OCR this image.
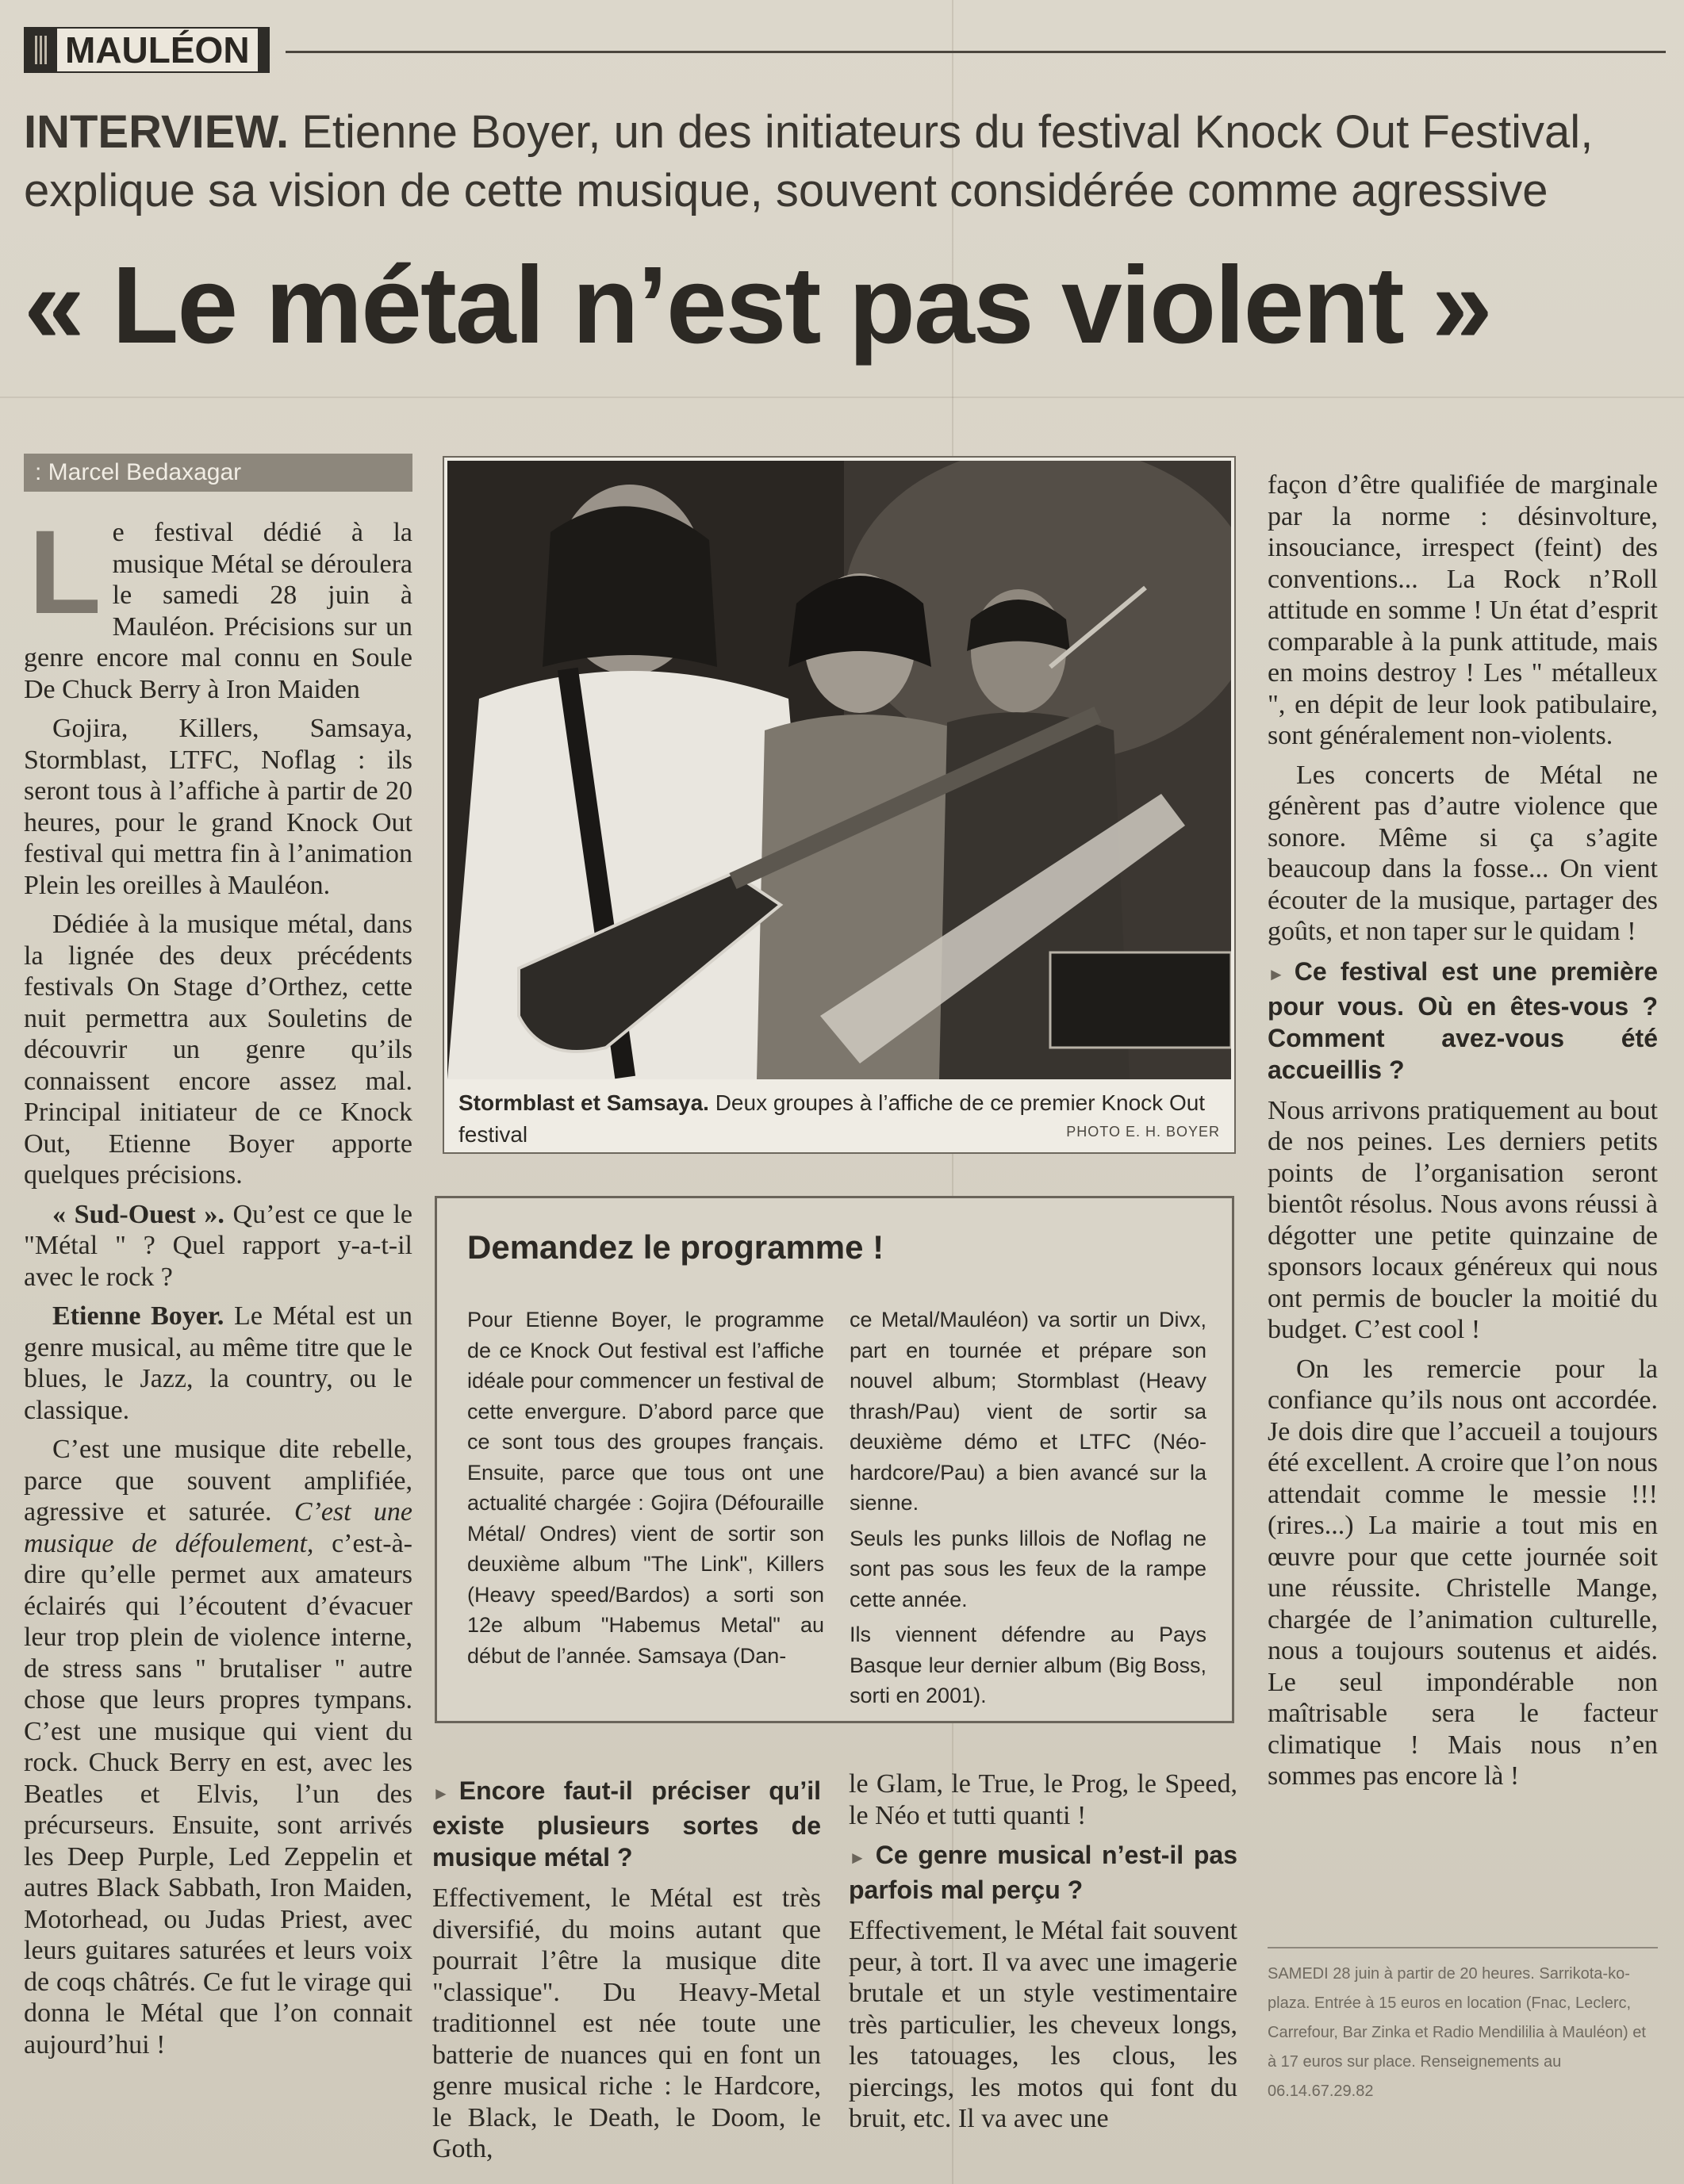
MAULÉON
INTERVIEW. Etienne Boyer, un des initiateurs du festival Knock Out Festival, explique sa vision de cette musique, souvent considérée comme agressive
« Le métal n’est pas violent »
: Marcel Bedaxagar

Le festival dédié à la musique Métal se déroulera le samedi 28 juin à Mauléon. Précisions sur un genre encore mal connu en Soule De Chuck Berry à Iron Maiden

Gojira, Killers, Samsaya, Stormblast, LTFC, Noflag : ils seront tous à l’affiche à partir de 20 heures, pour le grand Knock Out festival qui mettra fin à l’animation Plein les oreilles à Mauléon.

Dédiée à la musique métal, dans la lignée des deux précédents festivals On Stage d’Orthez, cette nuit permettra aux Souletins de découvrir un genre qu’ils connaissent encore assez mal. Principal initiateur de ce Knock Out, Etienne Boyer apporte quelques précisions.

« Sud-Ouest ». Qu’est ce que le "Métal " ? Quel rapport y-a-t-il avec le rock ?

Etienne Boyer. Le Métal est un genre musical, au même titre que le blues, le Jazz, la country, ou le classique.

C’est une musique dite rebelle, parce que souvent amplifiée, agressive et saturée. C’est une musique de défoulement, c’est-à-dire qu’elle permet aux amateurs éclairés qui l’écoutent d’évacuer leur trop plein de violence interne, de stress sans " brutaliser " autre chose que leurs propres tympans. C’est une musique qui vient du rock. Chuck Berry en est, avec les Beatles et Elvis, l’un des précurseurs. Ensuite, sont arrivés les Deep Purple, Led Zeppelin et autres Black Sabbath, Iron Maiden, Motorhead, ou Judas Priest, avec leurs guitares saturées et leurs voix de coqs châtrés. Ce fut le virage qui donna le Métal que l’on connait aujourd’hui !

Stormblast et Samsaya. Deux groupes à l’affiche de ce premier Knock Out festival	PHOTO E. H. BOYER
Demandez le programme !

Pour Etienne Boyer, le programme de ce Knock Out festival est l’affiche idéale pour commencer un festival de cette envergure. D’abord parce que ce sont tous des groupes français. Ensuite, parce que tous ont une actualité chargée : Gojira (Défouraille Métal/ Ondres) vient de sortir son deuxième album "The Link", Killers (Heavy speed/Bardos) a sorti son 12e album "Habemus Metal" au début de l’année. Samsaya (Dan-

ce Metal/Mauléon) va sortir un Divx, part en tournée et prépare son nouvel album; Stormblast (Heavy thrash/Pau) vient de sortir sa deuxième démo et LTFC (Néo-hardcore/Pau) a bien avancé sur la sienne.

Seuls les punks lillois de Noflag ne sont pas sous les feux de la rampe cette année.

Ils viennent défendre au Pays Basque leur dernier album (Big Boss, sorti en 2001).

► Encore faut-il préciser qu’il existe plusieurs sortes de musique métal ?

Effectivement, le Métal est très diversifié, du moins autant que pourrait l’être la musique dite "classique". Du Heavy-Metal traditionnel est née toute une batterie de nuances qui en font un genre musical riche : le Hardcore, le Black, le Death, le Doom, le Goth,

le Glam, le True, le Prog, le Speed, le Néo et tutti quanti !

► Ce genre musical n’est-il pas parfois mal perçu ?

Effectivement, le Métal fait souvent peur, à tort. Il va avec une imagerie brutale et un style vestimentaire très particulier, les cheveux longs, les tatouages, les clous, les piercings, les motos qui font du bruit, etc. Il va avec une

façon d’être qualifiée de marginale par la norme : désinvolture, insouciance, irrespect (feint) des conventions... La Rock n’Roll attitude en somme ! Un état d’esprit comparable à la punk attitude, mais en moins destroy ! Les " métalleux ", en dépit de leur look patibulaire, sont généralement non-violents.

Les concerts de Métal ne génèrent pas d’autre violence que sonore. Même si ça s’agite beaucoup dans la fosse... On vient écouter de la musique, partager des goûts, et non taper sur le quidam !

► Ce festival est une première pour vous. Où en êtes-vous ? Comment avez-vous été accueillis ?

Nous arrivons pratiquement au bout de nos peines. Les derniers petits points de l’organisation seront bientôt résolus. Nous avons réussi à dégotter une petite quinzaine de sponsors locaux généreux qui nous ont permis de boucler la moitié du budget. C’est cool !

On les remercie pour la confiance qu’ils nous ont accordée. Je dois dire que l’accueil a toujours été excellent. A croire que l’on nous attendait comme le messie !!! (rires...) La mairie a tout mis en œuvre pour que cette journée soit une réussite. Christelle Mange, chargée de l’animation culturelle, nous a toujours soutenus et aidés. Le seul impondérable non maîtrisable sera le facteur climatique ! Mais nous n’en sommes pas encore là !

SAMEDI 28 juin à partir de 20 heures. Sarrikota-ko-plaza. Entrée à 15 euros en location (Fnac, Leclerc, Carrefour, Bar Zinka et Radio Mendililia à Mauléon) et à 17 euros sur place. Renseignements au 06.14.67.29.82
